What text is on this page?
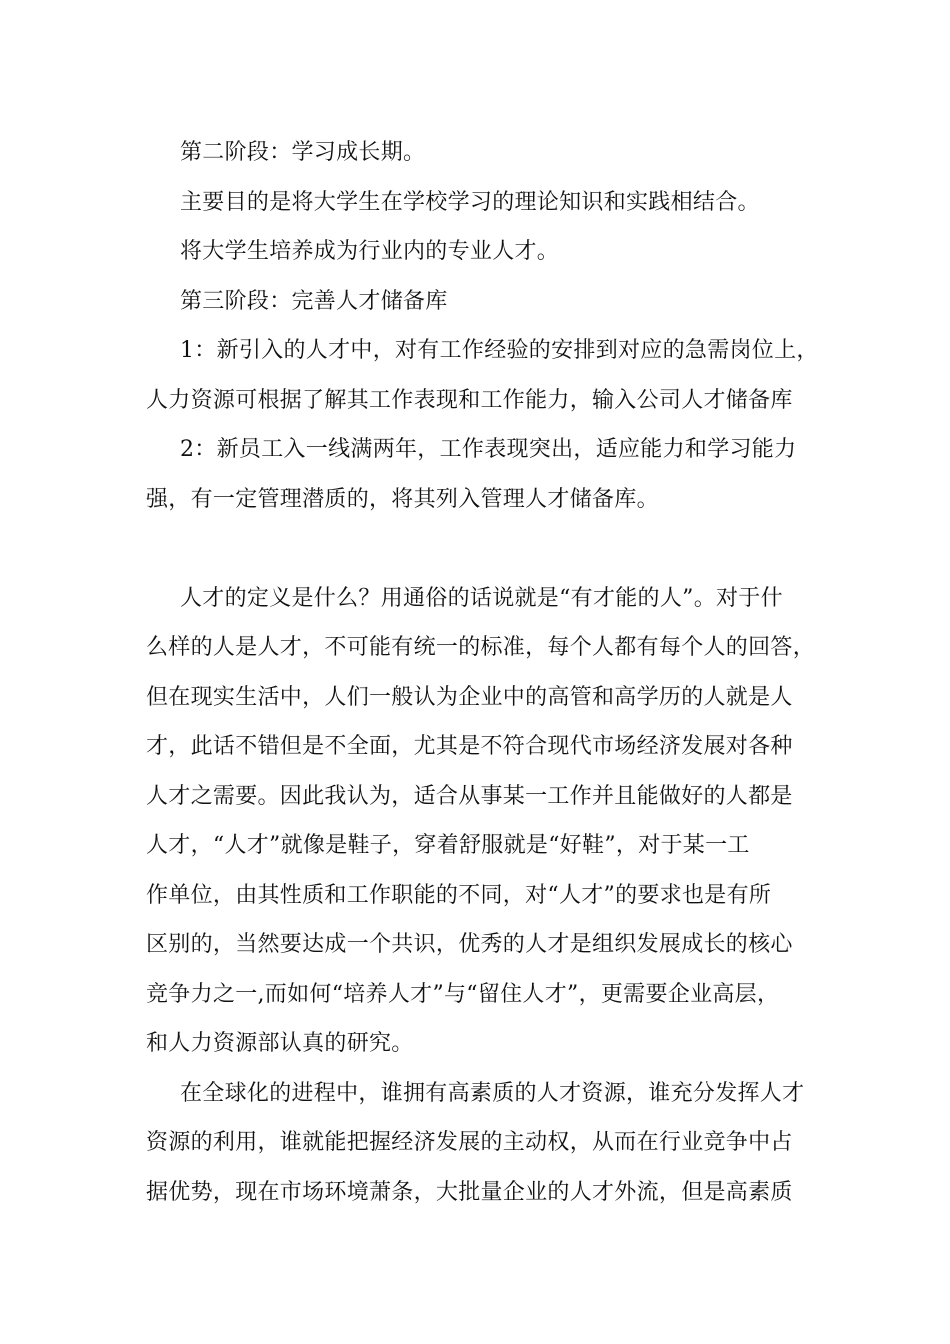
第二阶段：学习成长期。

主要目的是将大学生在学校学习的理论知识和实践相结合。

将大学生培养成为行业内的专业人才。

第三阶段：完善人才储备库

1：新引入的人才中，对有工作经验的安排到对应的急需岗位上，
人力资源可根据了解其工作表现和工作能力，输入公司人才储备库

2：新员工入一线满两年，工作表现突出，适应能力和学习能力
强，有一定管理潜质的，将其列入管理人才储备库。

人才的定义是什么？用通俗的话说就是“有才能的人”。对于什
么样的人是人才，不可能有统一的标准，每个人都有每个人的回答，
但在现实生活中，人们一般认为企业中的高管和高学历的人就是人
才，此话不错但是不全面，尤其是不符合现代市场经济发展对各种
人才之需要。因此我认为，适合从事某一工作并且能做好的人都是
人才，“人才”就像是鞋子，穿着舒服就是“好鞋”，对于某一工
作单位，由其性质和工作职能的不同，对“人才”的要求也是有所
区别的，当然要达成一个共识，优秀的人才是组织发展成长的核心
竞争力之一,而如何“培养人才”与“留住人才”，更需要企业高层，
和人力资源部认真的研究。

在全球化的进程中，谁拥有高素质的人才资源，谁充分发挥人才
资源的利用，谁就能把握经济发展的主动权，从而在行业竞争中占
据优势，现在市场环境萧条，大批量企业的人才外流，但是高素质
